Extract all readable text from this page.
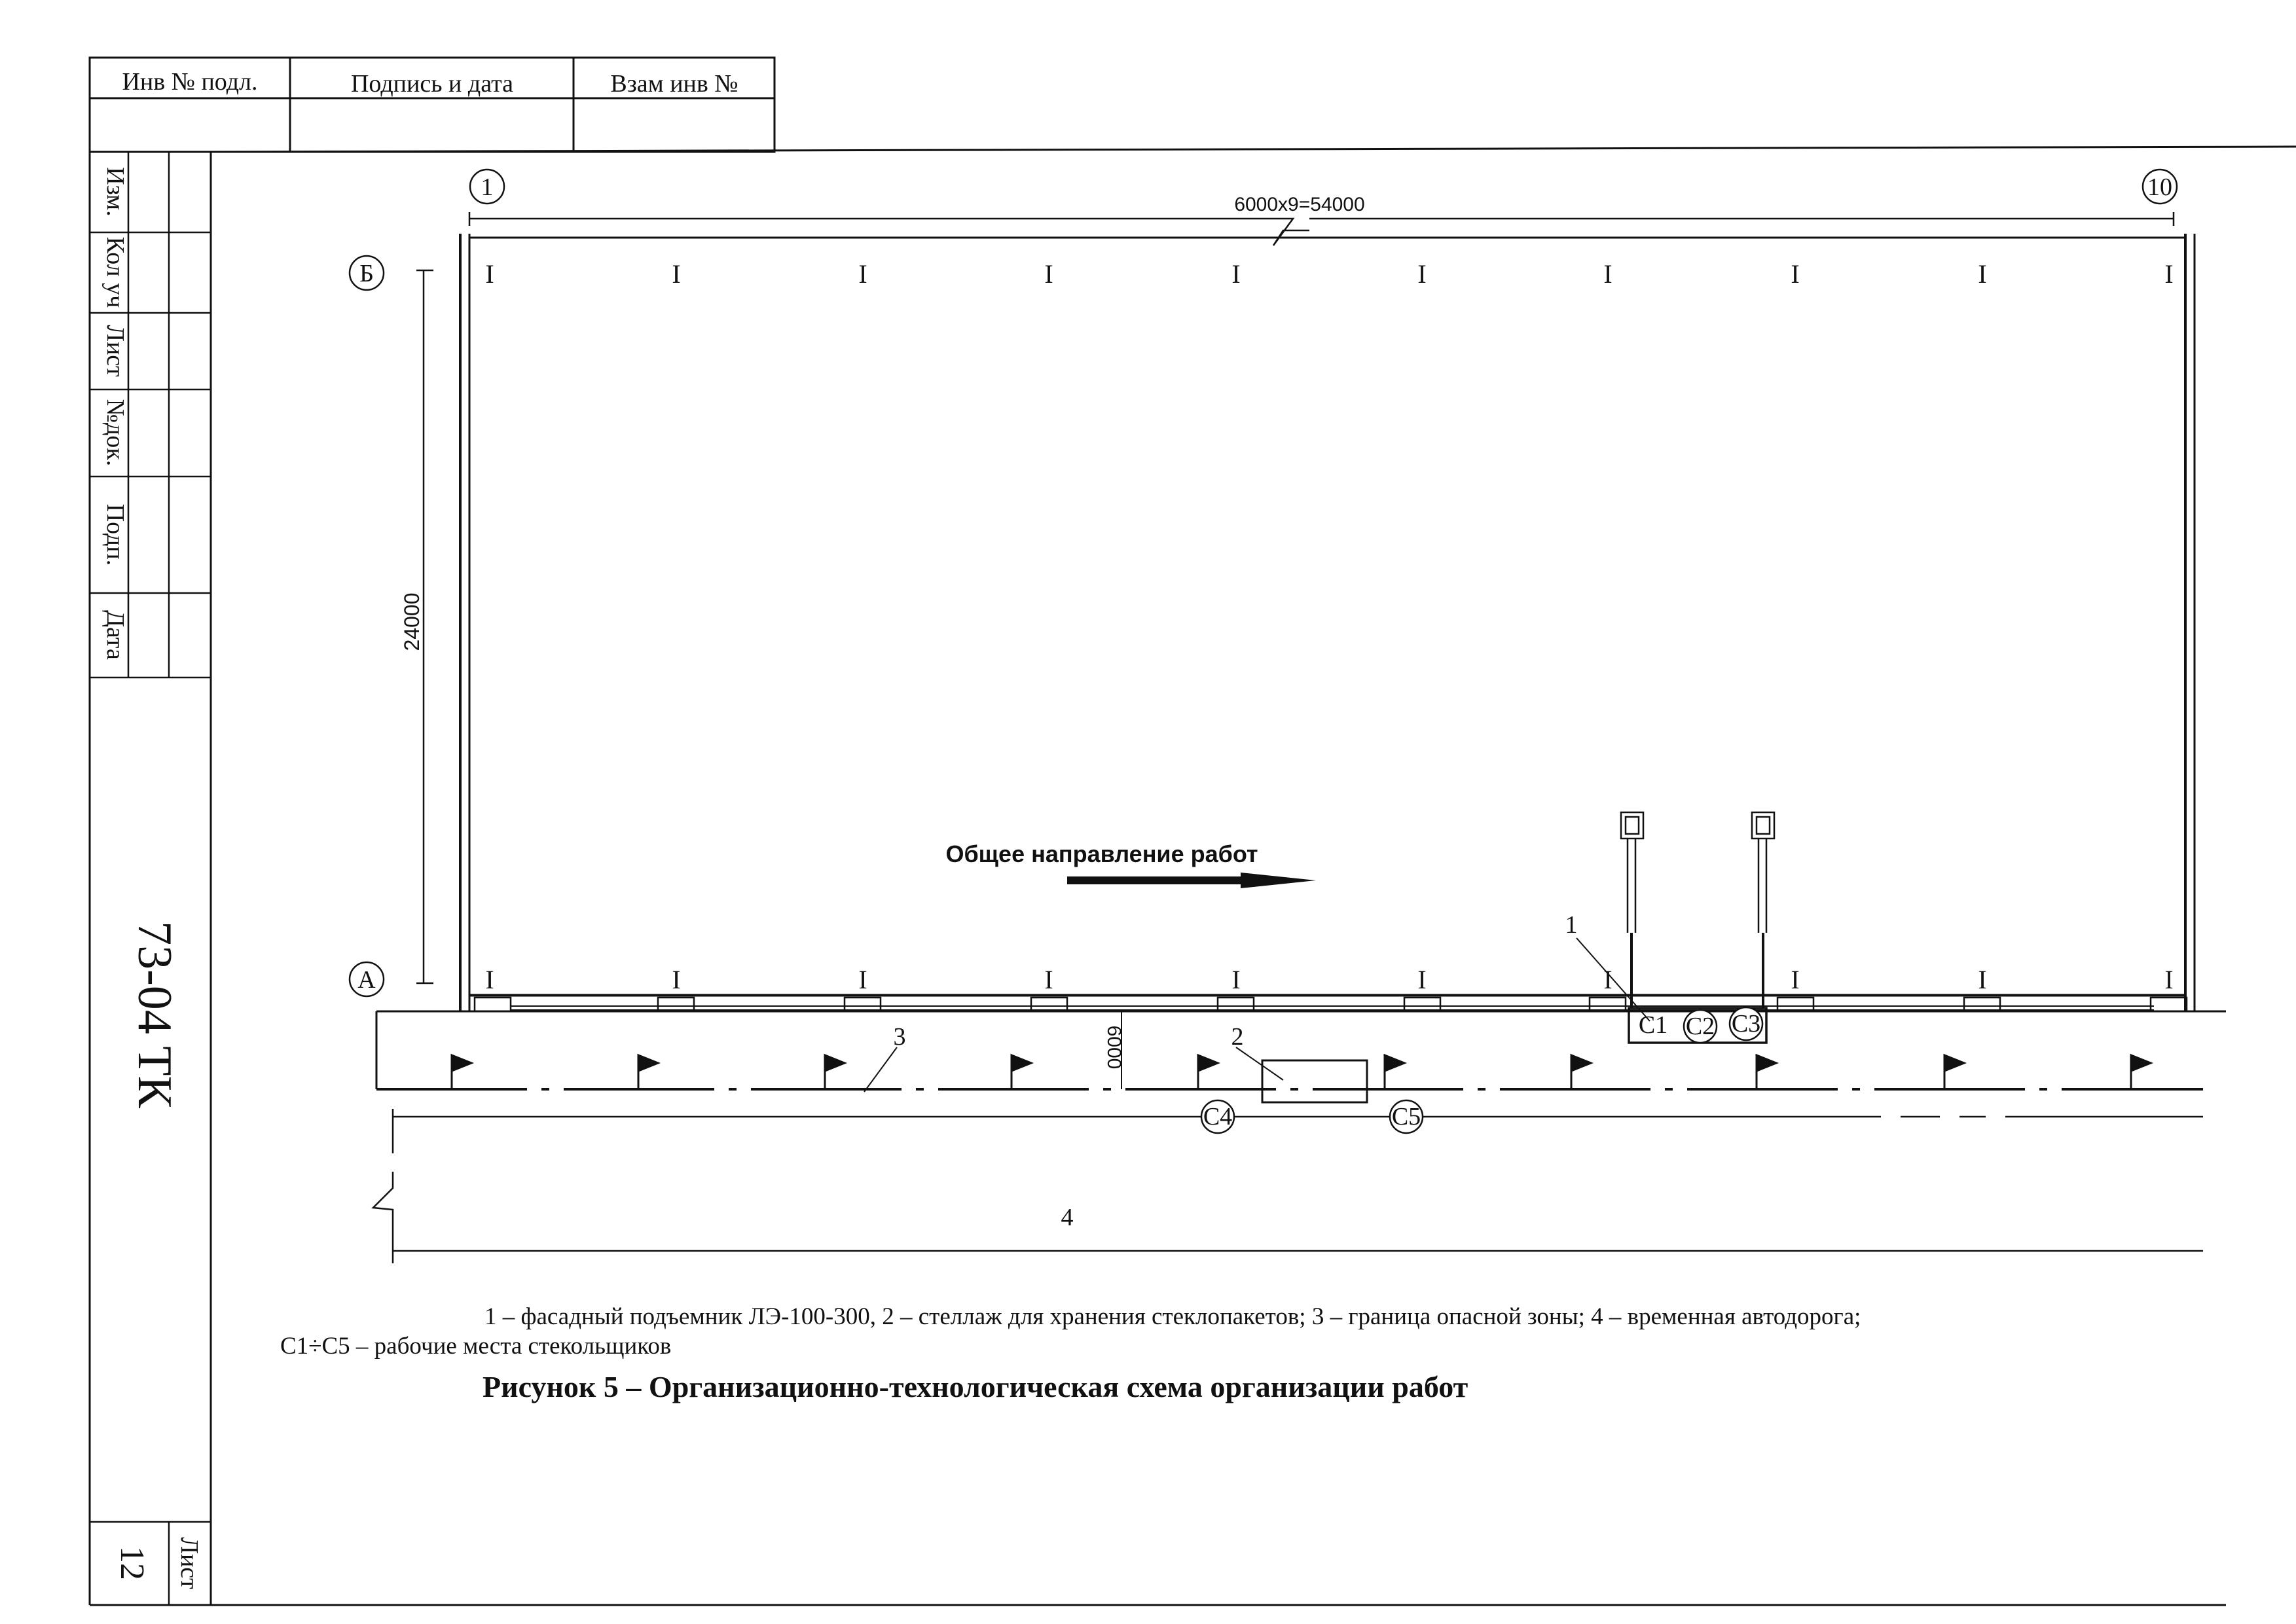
Инв № подл.	Подпись и дата	Взам инв №
Изм.
Кол уч
Лист
№док.
Подп.
Дата
73-04 ТК
Лист
12
6000х9=54000
1	10
Б
А
24000
I	I	I	I	I	I	I	I	I	I
I	I	I	I	I	I	I	I	I	I
Общее направление работ
1
С1 С2 С3
6000
3	2
С4	С5
4
1 – фасадный подъемник ЛЭ-100-300, 2 – стеллаж для хранения стеклопакетов; 3 – граница опасной зоны; 4 – временная автодорога;
С1÷С5 – рабочие места стекольщиков
Рисунок 5 – Организационно-технологическая схема организации работ
